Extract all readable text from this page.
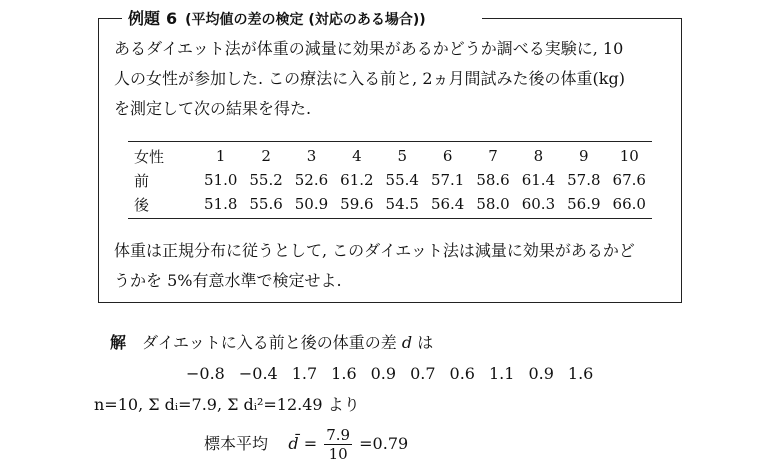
例題 6 (平均値の差の検定 (対応のある場合))
あるダイエット法が体重の減量に効果があるかどうか調べる実験に, 10
人の女性が参加した. この療法に入る前と, 2ヵ月間試みた後の体重(kg)
を測定して次の結果を得た.
女性	1	2	3	4	5	6	7	8	9	10
前	51.0	55.2	52.6	61.2	55.4	57.1	58.6	61.4	57.8	67.6
後	51.8	55.6	50.9	59.6	54.5	56.4	58.0	60.3	56.9	66.0
体重は正規分布に従うとして, このダイエット法は減量に効果があるかど
うかを 5%有意水準で検定せよ.
解 ダイエットに入る前と後の体重の差 d は
−0.8 −0.4 1.7 1.6 0.9 0.7 0.6 1.1 0.9 1.6
n=10, Σ dᵢ=7.9, Σ dᵢ²=12.49 より
標本平均 d̄ = $\frac{7.9}{10} =0.79$
